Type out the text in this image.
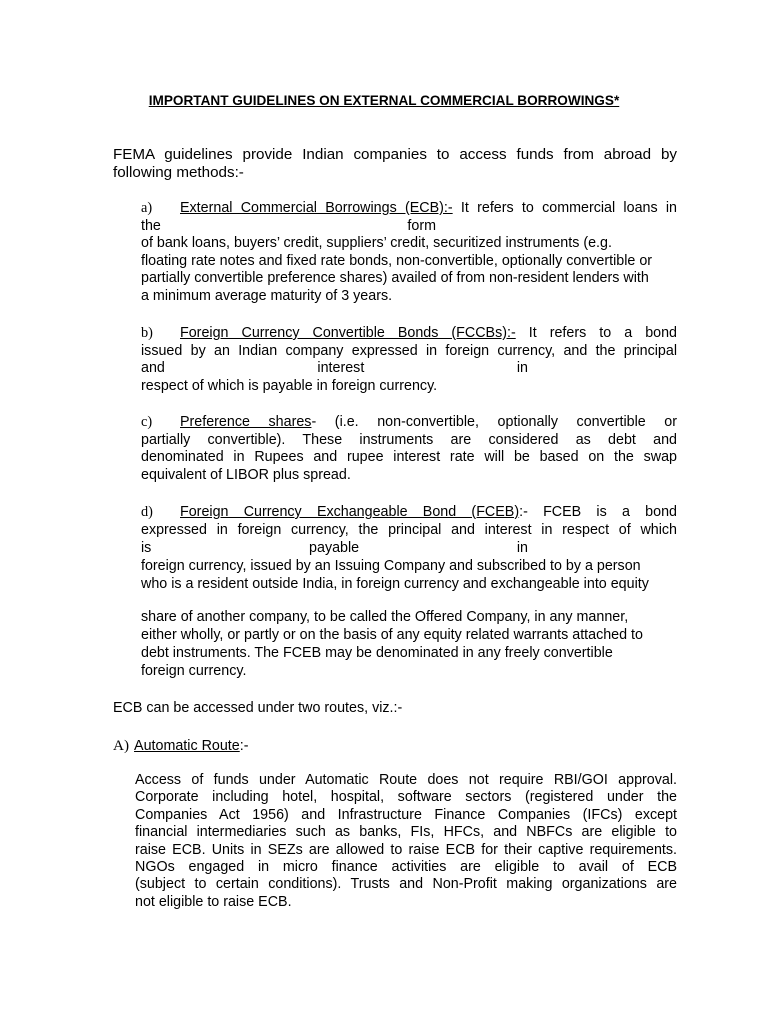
IMPORTANT GUIDELINES ON EXTERNAL COMMERCIAL BORROWINGS*
FEMA guidelines provide Indian companies to access funds from abroad by
following methods:-
a) External Commercial Borrowings (ECB):- It refers to commercial loans in
the form
of bank loans, buyers’ credit, suppliers’ credit, securitized instruments (e.g.
floating rate notes and fixed rate bonds, non-convertible, optionally convertible or
partially convertible preference shares) availed of from non-resident lenders with
a minimum average maturity of 3 years.
b) Foreign Currency Convertible Bonds (FCCBs):- It refers to a bond
issued by an Indian company expressed in foreign currency, and the principal
and interest in
respect of which is payable in foreign currency.
c) Preference shares- (i.e. non-convertible, optionally convertible or
partially convertible). These instruments are considered as debt and
denominated in Rupees and rupee interest rate will be based on the swap
equivalent of LIBOR plus spread.
d) Foreign Currency Exchangeable Bond (FCEB):- FCEB is a bond
expressed in foreign currency, the principal and interest in respect of which
is payable in
foreign currency, issued by an Issuing Company and subscribed to by a person
who is a resident outside India, in foreign currency and exchangeable into equity
share of another company, to be called the Offered Company, in any manner,
either wholly, or partly or on the basis of any equity related warrants attached to
debt instruments. The FCEB may be denominated in any freely convertible
foreign currency.
ECB can be accessed under two routes, viz.:-
A) Automatic Route:-
Access of funds under Automatic Route does not require RBI/GOI approval.
Corporate including hotel, hospital, software sectors (registered under the
Companies Act 1956) and Infrastructure Finance Companies (IFCs) except
financial intermediaries such as banks, FIs, HFCs, and NBFCs are eligible to
raise ECB. Units in SEZs are allowed to raise ECB for their captive requirements.
NGOs engaged in micro finance activities are eligible to avail of ECB
(subject to certain conditions). Trusts and Non-Profit making organizations are
not eligible to raise ECB.
